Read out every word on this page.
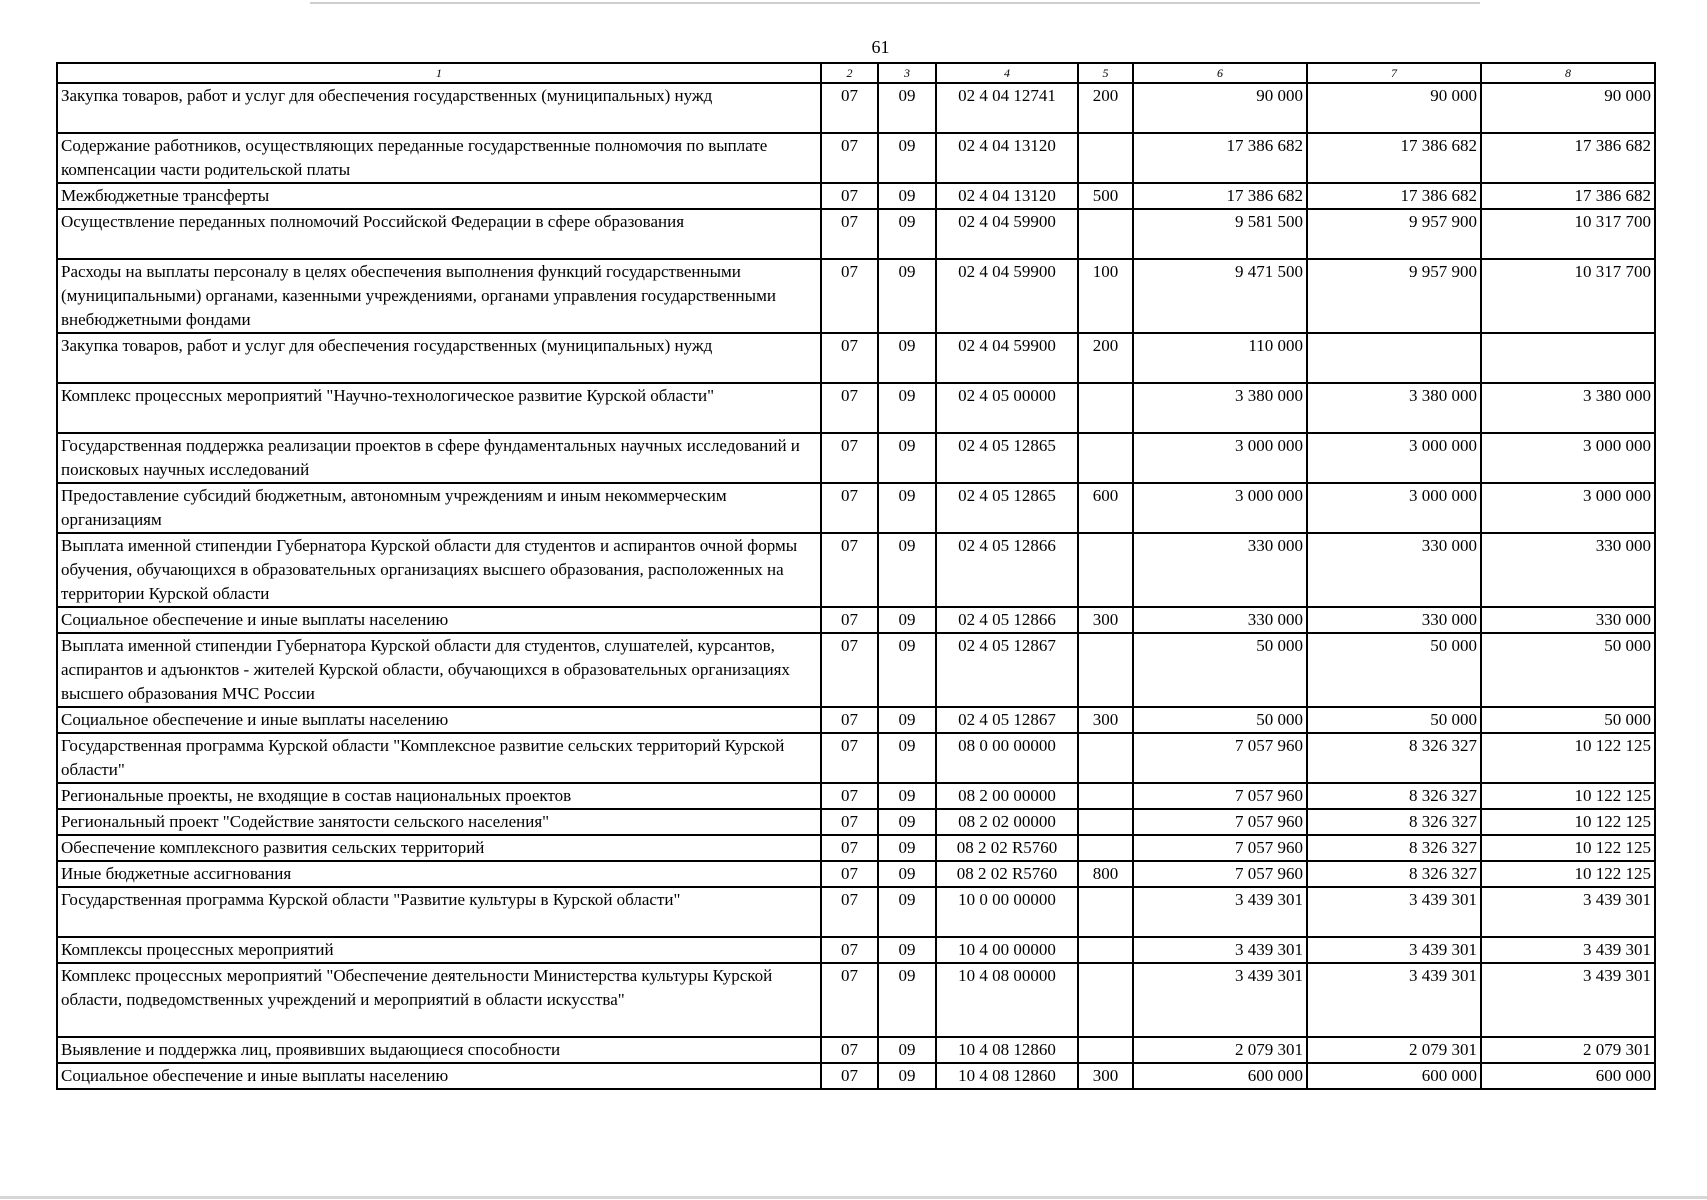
61
1	2	3	4	5	6	7	8
Закупка товаров, работ и услуг для обеспечения государственных (муниципальных) нужд	07	09	02 4 04 12741	200	90 000	90 000	90 000
Содержание работников, осуществляющих переданные государственные полномочия по выплате компенсации части родительской платы	07	09	02 4 04 13120		17 386 682	17 386 682	17 386 682
Межбюджетные трансферты	07	09	02 4 04 13120	500	17 386 682	17 386 682	17 386 682
Осуществление переданных полномочий Российской Федерации в сфере образования	07	09	02 4 04 59900		9 581 500	9 957 900	10 317 700
Расходы на выплаты персоналу в целях обеспечения выполнения функций государственными (муниципальными) органами, казенными учреждениями, органами управления государственными внебюджетными фондами	07	09	02 4 04 59900	100	9 471 500	9 957 900	10 317 700
Закупка товаров, работ и услуг для обеспечения государственных (муниципальных) нужд	07	09	02 4 04 59900	200	110 000		
Комплекс процессных мероприятий "Научно-технологическое развитие Курской области"	07	09	02 4 05 00000		3 380 000	3 380 000	3 380 000
Государственная поддержка реализации проектов в сфере фундаментальных научных исследований и поисковых научных исследований	07	09	02 4 05 12865		3 000 000	3 000 000	3 000 000
Предоставление субсидий бюджетным, автономным учреждениям и иным некоммерческим организациям	07	09	02 4 05 12865	600	3 000 000	3 000 000	3 000 000
Выплата именной стипендии Губернатора Курской области для студентов и аспирантов очной формы обучения, обучающихся в образовательных организациях высшего образования, расположенных на территории Курской области	07	09	02 4 05 12866		330 000	330 000	330 000
Социальное обеспечение и иные выплаты населению	07	09	02 4 05 12866	300	330 000	330 000	330 000
Выплата именной стипендии Губернатора Курской области для студентов, слушателей, курсантов, аспирантов и адъюнктов - жителей Курской области, обучающихся в образовательных организациях высшего образования МЧС России	07	09	02 4 05 12867		50 000	50 000	50 000
Социальное обеспечение и иные выплаты населению	07	09	02 4 05 12867	300	50 000	50 000	50 000
Государственная программа Курской области "Комплексное развитие сельских территорий Курской области"	07	09	08 0 00 00000		7 057 960	8 326 327	10 122 125
Региональные проекты, не входящие в состав национальных проектов	07	09	08 2 00 00000		7 057 960	8 326 327	10 122 125
Региональный проект "Содействие занятости сельского населения"	07	09	08 2 02 00000		7 057 960	8 326 327	10 122 125
Обеспечение комплексного развития сельских территорий	07	09	08 2 02 R5760		7 057 960	8 326 327	10 122 125
Иные бюджетные ассигнования	07	09	08 2 02 R5760	800	7 057 960	8 326 327	10 122 125
Государственная программа Курской области "Развитие культуры в Курской области"	07	09	10 0 00 00000		3 439 301	3 439 301	3 439 301
Комплексы процессных мероприятий	07	09	10 4 00 00000		3 439 301	3 439 301	3 439 301
Комплекс процессных мероприятий "Обеспечение деятельности Министерства культуры Курской области, подведомственных учреждений и мероприятий в области искусства"	07	09	10 4 08 00000		3 439 301	3 439 301	3 439 301
Выявление и поддержка лиц, проявивших выдающиеся способности	07	09	10 4 08 12860		2 079 301	2 079 301	2 079 301
Социальное обеспечение и иные выплаты населению	07	09	10 4 08 12860	300	600 000	600 000	600 000
